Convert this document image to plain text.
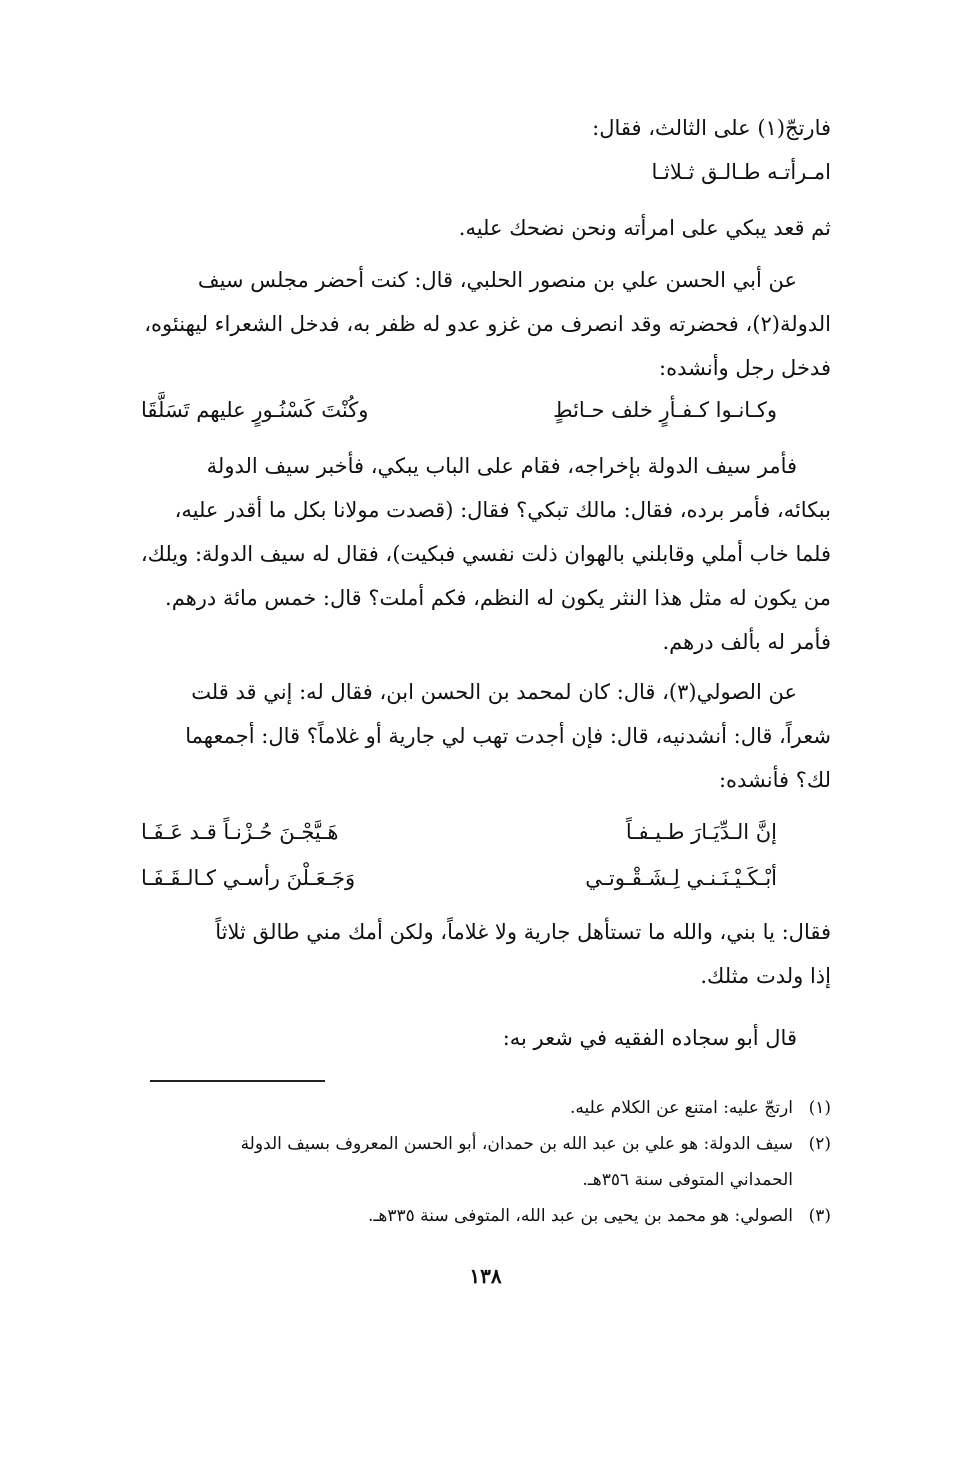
فارتجّ(١) على الثالث، فقال:
امـرأتـه طـالـق ثـلاثـا
ثم قعد يبكي على امرأته ونحن نضحك عليه.
عن أبي الحسن علي بن منصور الحلبي، قال: كنت أحضر مجلس سيف
الدولة(٢)، فحضرته وقد انصرف من غزو عدو له ظفر به، فدخل الشعراء ليهنئوه،
فدخل رجل وأنشده:
وكـانـوا كـفـأرٍ خلف حـائطٍ
وكُنْتَ كَسْنُـورٍ عليهم تَسَلَّقَا
فأمر سيف الدولة بإخراجه، فقام على الباب يبكي، فأخبر سيف الدولة
ببكائه، فأمر برده، فقال: مالك تبكي؟ فقال: (قصدت مولانا بكل ما أقدر عليه،
فلما خاب أملي وقابلني بالهوان ذلت نفسي فبكيت)، فقال له سيف الدولة: ويلك،
من يكون له مثل هذا النثر يكون له النظم، فكم أملت؟ قال: خمس مائة درهم.
فأمر له بألف درهم.
عن الصولي(٣)، قال: كان لمحمد بن الحسن ابن، فقال له: إني قد قلت
شعراً، قال: أنشدنيه، قال: فإن أجدت تهب لي جارية أو غلاماً؟ قال: أجمعهما
لك؟ فأنشده:
إنَّ الـدِّيَـارَ طـيـفـاً
هَـيَّجْـنَ حُـزْنـاً قـد عَـفَـا
أبْـكَـيْـنَـنـي لِـشَـقْـوتـي
وَجَـعَـلْنَ رأسـي كـالـقَـفَـا
فقال: يا بني، والله ما تستأهل جارية ولا غلاماً، ولكن أمك مني طالق ثلاثاً
إذا ولدت مثلك.
قال أبو سجاده الفقيه في شعر به:
(١)ارتجّ عليه: امتنع عن الكلام عليه.
(٢)سيف الدولة: هو علي بن عبد الله بن حمدان، أبو الحسن المعروف بسيف الدولة
الحمداني المتوفى سنة ٣٥٦هـ.
(٣)الصولي: هو محمد بن يحيى بن عبد الله، المتوفى سنة ٣٣٥هـ.
١٣٨
